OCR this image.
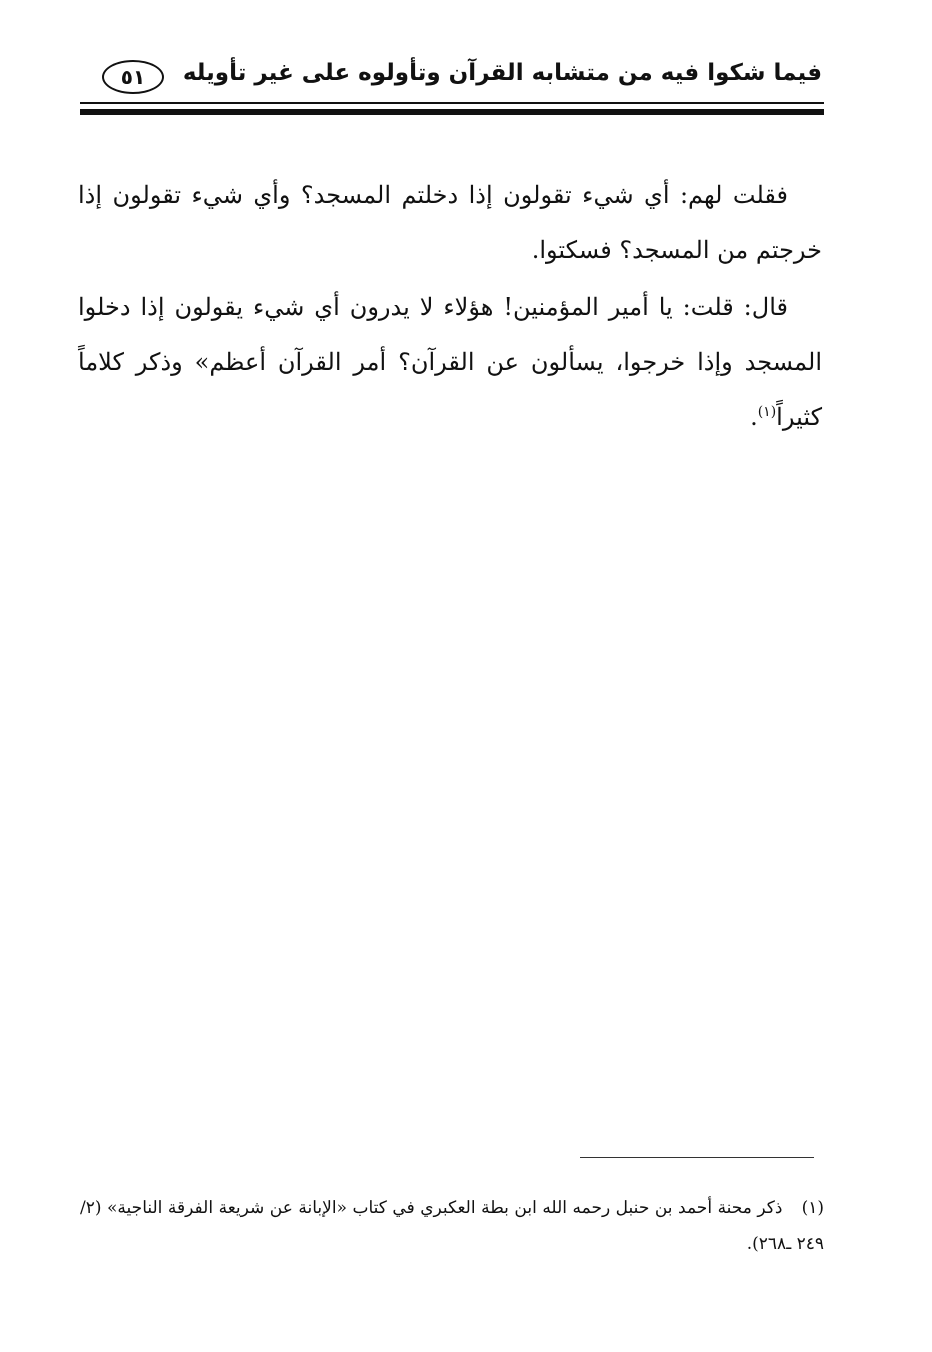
فيما شكوا فيه من متشابه القرآن وتأولوه على غير تأويله
٥١

فقلت لهم: أي شيء تقولون إذا دخلتم المسجد؟ وأي شيء تقولون إذا خرجتم من المسجد؟ فسكتوا.

قال: قلت: يا أمير المؤمنين! هؤلاء لا يدرون أي شيء يقولون إذا دخلوا المسجد وإذا خرجوا، يسألون عن القرآن؟ أمر القرآن أعظم» وذكر كلاماً كثيراً$^{(١)}$.

(١) ذكر محنة أحمد بن حنبل رحمه الله ابن بطة العكبري في كتاب «الإبانة عن شريعة الفرقة الناجية» (٢/ ٢٤٩ ـ٢٦٨).
